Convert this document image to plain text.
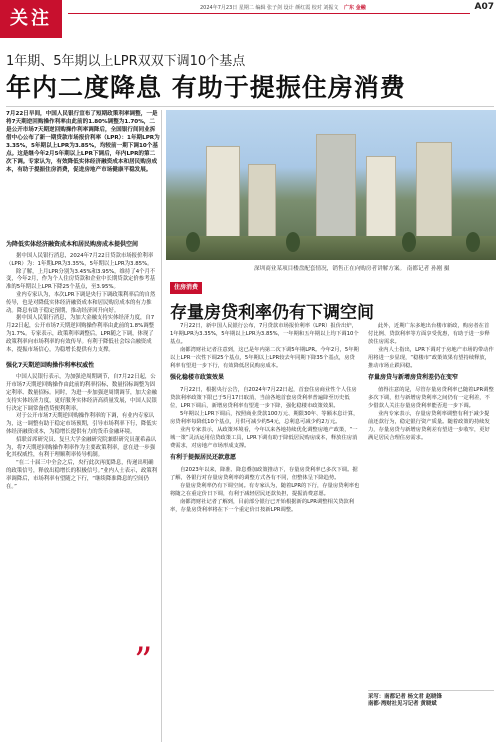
关注	2024年7月23日 星期二 编辑 张子剑 设计 颜红霞 校对 刘振文 广东 金融	A07
1年期、5年期以上LPR双双下调10个基点
年内二度降息 有助于提振住房消费
7月22日早间，中国人民银行宣布了短期政策利率调整，一是将7天期逆回购操作利率由此前的1.80%调整为1.70%，二是公开市场7天期逆回购操作利率调降后，全国银行间同业拆借中心公布了新一期贷款市场报价利率（LPR）：1年期LPR为3.35%，5年期以上LPR为3.85%，均较前一期下调10个基点。这是继今年2月5年期以上LPR下调后，年内LPR的第二次下调。专家认为，有效降低实体经济融资成本和居民购房成本，有助于提振住房消费，促进房地产市场健康平稳发展。
深圳商业某项目楼盘配套情况，销售正在向购房者讲解方案。 南都记者 孙刚 摄
为降低实体经济融资成本和居民购房成本提供空间

据中国人民银行消息，2024年7月22日贷款市场报价利率（LPR）为：1年期LPR为3.35%，5年期以上LPR为3.85%。

除了解，上月LPR分别为3.45%和3.95%，维持了4个月不变，今年2月，作为个人住房贷款和企业中长期贷款定价参考基准的5年期以上LPR下降25个基点，至3.95%。

业内专家认为，本次LPR下调是央行下调政策利率后的自然传导，也是对降低实体经济融资成本和居民购房成本的有力推动。降息有助于稳定预期，推动经济回升向好。

据中国人民银行消息，为加大金融支持实体经济力度，自7月22日起，公开市场7天期逆回购操作利率由此前的1.8%调整为1.7%。专家表示，政策利率调整后，LPR随之下调，体现了政策利率向市场利率的有效传导。有利于降低社会综合融资成本，提振市场信心，为稳增长提供有力支撑。

强化7天期逆回购操作利率权威性

中国人民银行表示，为加强逆周期调节，自7月22日起，公开市场7天期逆回购操作由此前的利率招标，数量招标调整为固定利率、数量招标。同时，为进一步加强逆周期调节，加大金融支持实体经济力度，更好服务实体经济高质量发展，中国人民银行决定下调常备借贷便利利率。

对于公开市场7天期逆回购操作利率的下调，有业内专家认为，这一调整有助于稳定市场预期，引导市场利率下行，降低实体经济融资成本，为稳增长提供有力的货币金融环境。

招联首席研究员、复旦大学金融研究院兼职研究员董希淼认为，将7天期逆回购操作利率作为主要政策利率，意在进一步强化其权威性，有利于理顺利率传导机制。

“在二十届三中全会之后，央行此次再度降息，传递出明确的政策信号，释放出稳增长的积极信号。”业内人士表示，政策利率调降后，市场利率有望随之下行，“继续降准降息的空间仍在。”

”
住房消费
存量房贷利率仍有下调空间

7月22日，新中国人民银行公布，7月贷款市场报价利率（LPR）报价出炉，1年期LPR为3.35%，5年期以上LPR为3.85%，一年期和五年期以上均下调10个基点。

南都湾财社记者注意到，这已是年内第二次下调5年期LPR。今年2月，5年期以上LPR一次性下调25个基点，5年期以上LPR较去年同期下降35个基点，房贷利率有望进一步下行，有效降低居民购房成本。

强化稳楼市政策效果

7月22日，根据央行公告，自2024年7月22日起，首套住房商业性个人住房贷款利率政策下限已于5月17日取消，当前各地首套房贷利率普遍降至历史低位，LPR下调后，新增房贷利率有望进一步下降，强化稳楼市政策效果。

5年期以上LPR下调后，按照商业贷款100万元、期限30年、等额本息计算，房贷利率每降低10个基点，月供可减少约54元，总利息可减少约2万元。

业内专家表示，从政策环境看，今年以来各地持续优化调整房地产政策，“一城一策”灵活运用信贷政策工具，LPR下调有助于降低居民购房成本，释放住房消费需求，对房地产市场形成支撑。

有利于提振居民还款意愿

自2023年以来，降准、降息叠加政策推动下，存量房贷利率已多次下调。据了解，各银行对存量房贷利率的调整方式各有不同，但整体呈下降趋势。

存量房贷利率仍有下调空间。有专家认为，随着LPR的下行，存量房贷利率也将随之在重定价日下调，有利于减轻居民还款负担，提振消费意愿。

南都湾财社记者了解到，目前部分银行已开始根据新的LPR调整相关贷款利率，存量房贷利率将在下一个重定价日按新LPR调整。

此外，近期广东多地出台楼市新政，购房者在首付比例、贷款利率等方面享受优惠，有助于进一步释放住房需求。

业内人士指出，LPR下调对于房地产市场的带动作用将进一步显现，“稳楼市”政策效果有望持续释放，推动市场止跌回稳。

存量房贷与新增房贷利差仍在变窄

值得注意的是，尽管存量房贷利率已随着LPR调整多次下调，但与新增房贷利率之间仍有一定利差，不少借款人关注存量房贷利率能否进一步下调。

业内专家表示，存量房贷利率调整有利于减少提前还款行为，稳定银行资产质量。随着政策的持续发力，存量房贷与新增房贷利差有望进一步收窄，更好满足居民合理住房需求。

采写：南都记者 杨文君 赵晓锋
南都·湾财社见习记者 黄晓斌
